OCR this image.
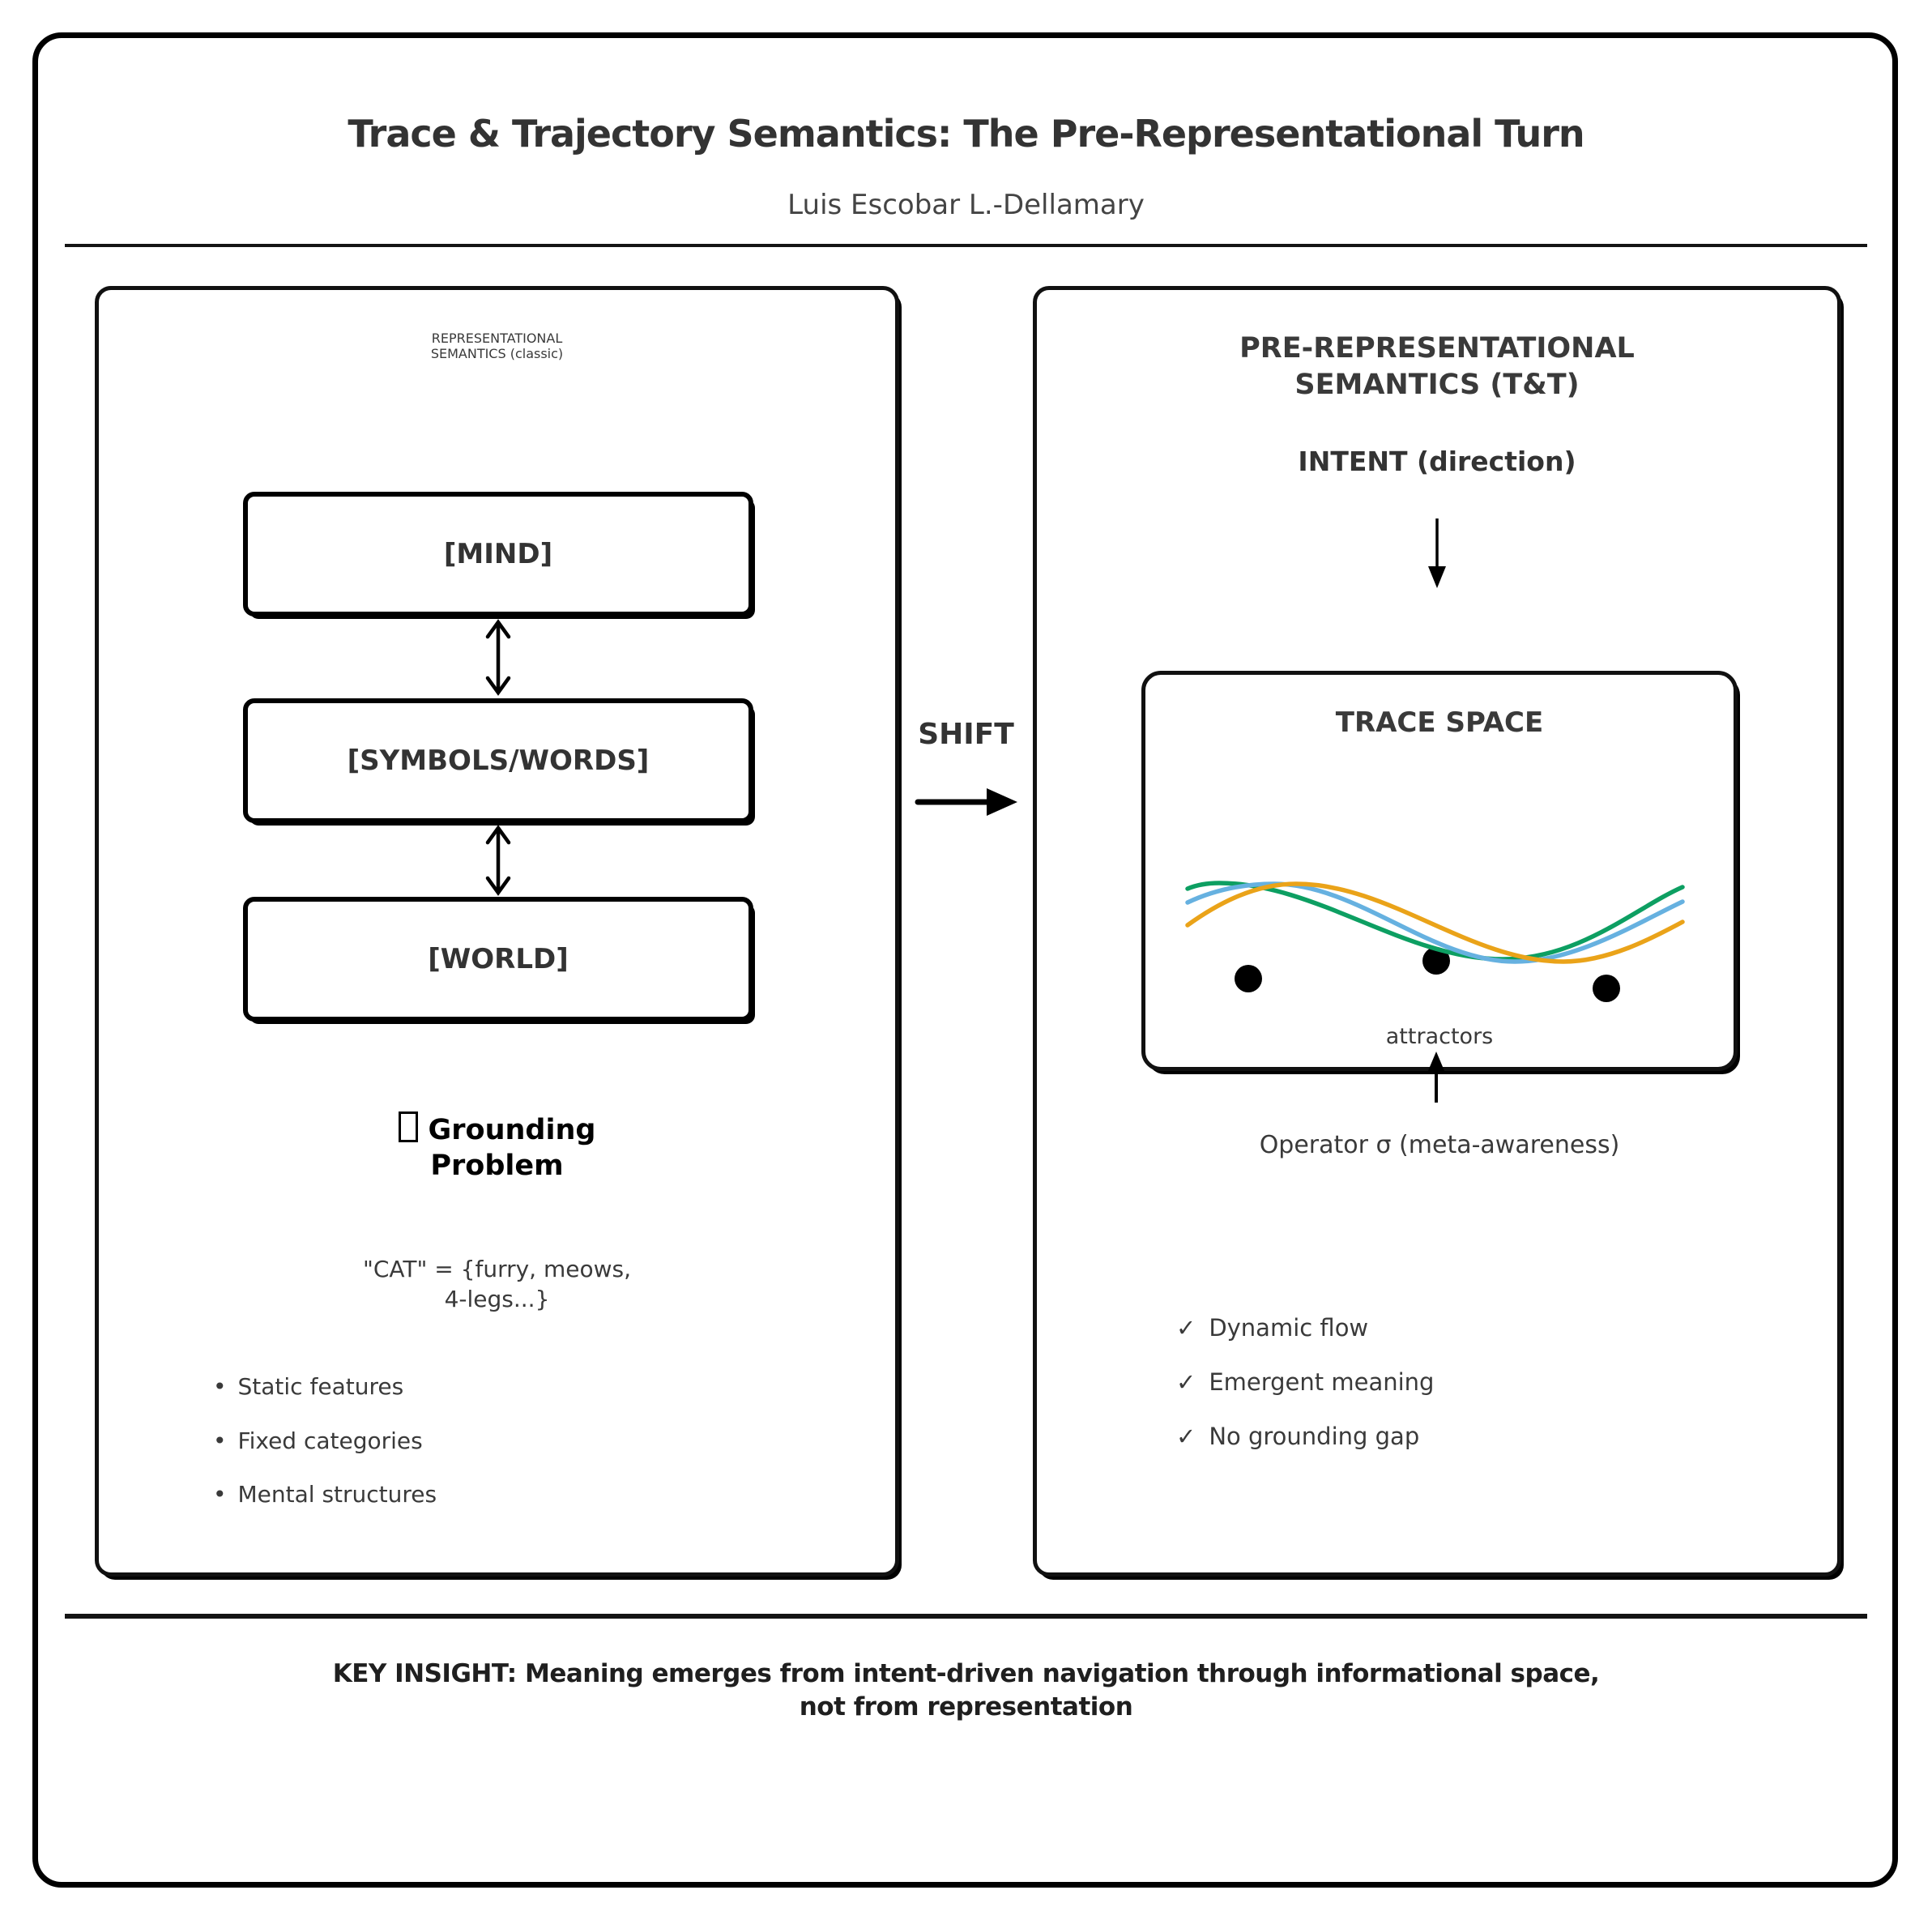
Trace & Trajectory Semantics: The Pre-Representational Turn
Luis Escobar L.-Dellamary
REPRESENTATIONAL
SEMANTICS (classic)
[MIND]
[SYMBOLS/WORDS]
[WORLD]
Grounding
Problem
"CAT" = {furry, meows,
4-legs...}
• Static features
• Fixed categories
• Mental structures
SHIFT
PRE-REPRESENTATIONAL
SEMANTICS (T&T)
INTENT (direction)
TRACE SPACE
attractors
Operator σ (meta-awareness)
✓ Dynamic flow
✓ Emergent meaning
✓ No grounding gap
KEY INSIGHT: Meaning emerges from intent-driven navigation through informational space,
not from representation
